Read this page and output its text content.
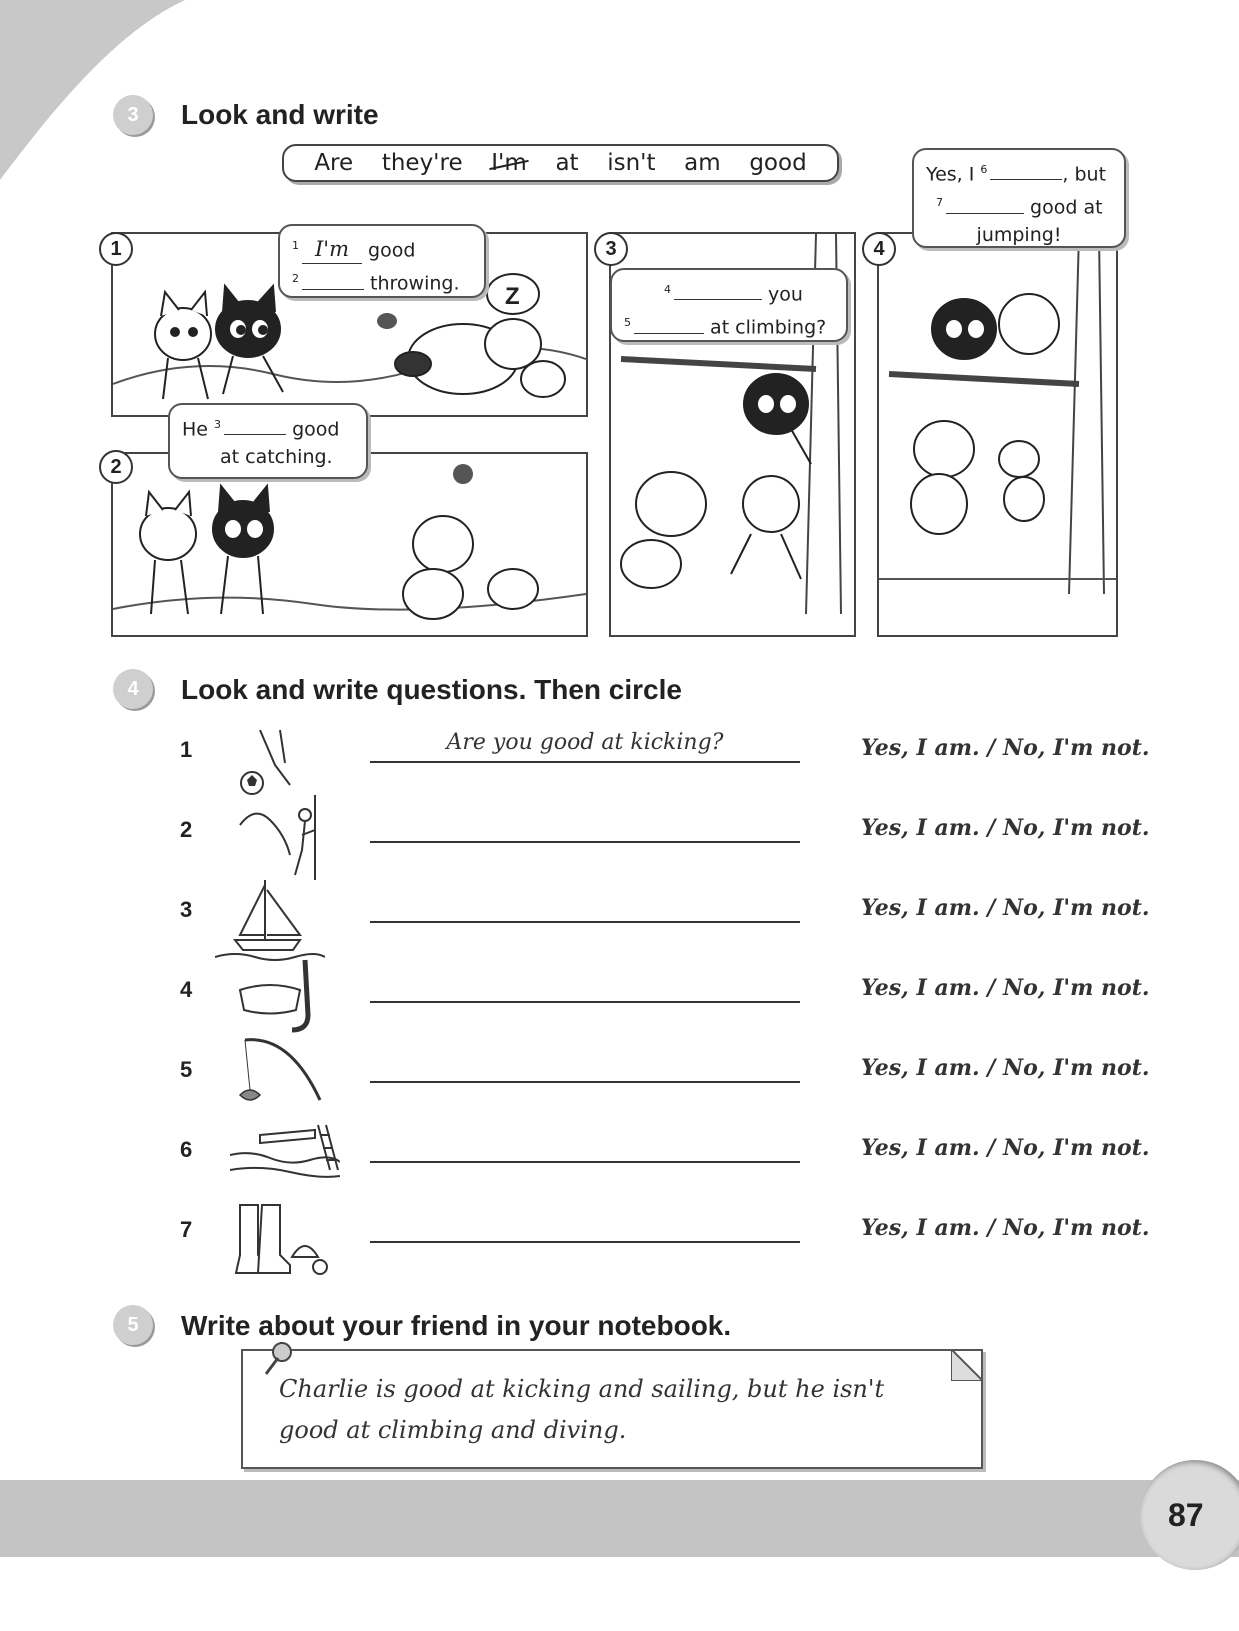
3	Look and write
Are they're I'm at isn't am good
Z
1	$^1$ I'm good
$^2$	throwing.
2
He $^3$	good
at catching.
3
$^4$	you
$^5$	at climbing?
4
Yes, I $^6$	, but
$^7$	good at
jumping!
4	Look and write questions. Then circle
1	Are you good at kicking?	Yes, I am. / No, I'm not.
2	Yes, I am. / No, I'm not.
3	Yes, I am. / No, I'm not.
4	Yes, I am. / No, I'm not.
5	Yes, I am. / No, I'm not.
6	Yes, I am. / No, I'm not.
7	Yes, I am. / No, I'm not.
5	Write about your friend in your notebook.
Charlie is good at kicking and sailing, but he isn't
good at climbing and diving.
87
